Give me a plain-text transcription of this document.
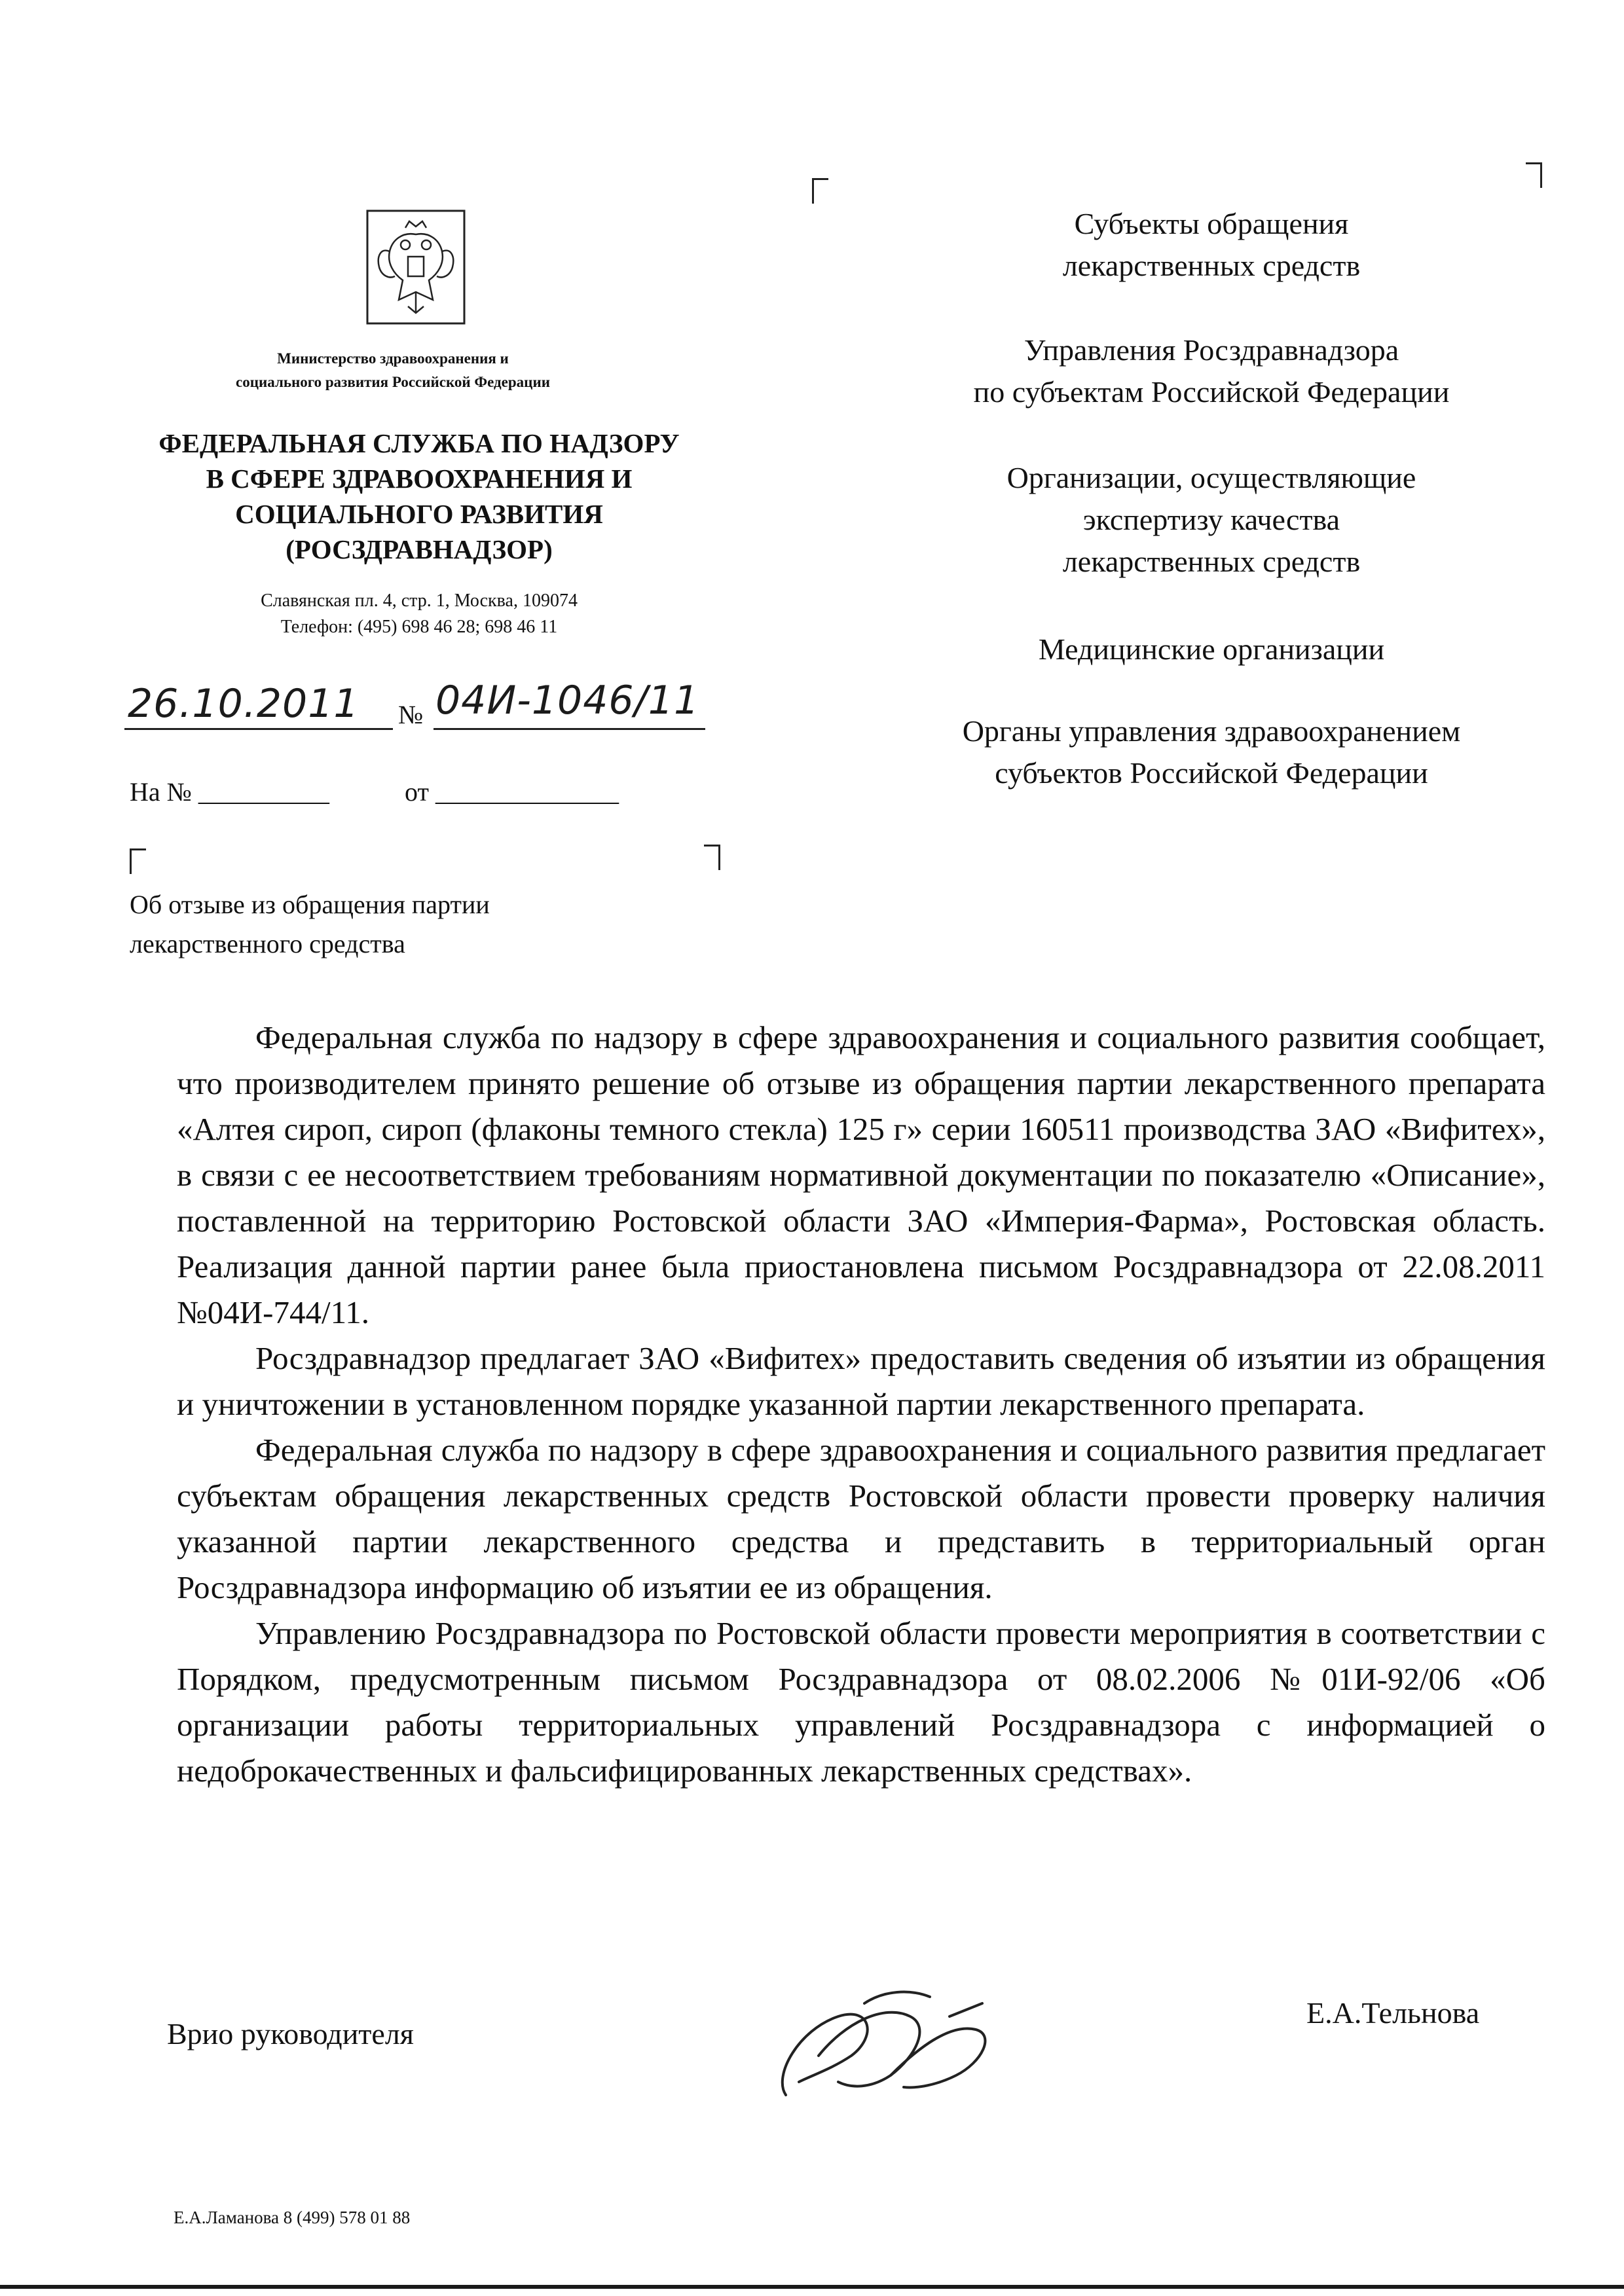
Министерство здравоохранения и
социального развития Российской Федерации
ФЕДЕРАЛЬНАЯ СЛУЖБА ПО НАДЗОРУ
В СФЕРЕ ЗДРАВООХРАНЕНИЯ И
СОЦИАЛЬНОГО РАЗВИТИЯ
(РОСЗДРАВНАДЗОР)
Славянская пл. 4, стр. 1, Москва, 109074
Телефон: (495) 698 46 28; 698 46 11
26.10.2011 № 04И-1046/11
На № __________	от ______________
Об отзыве из обращения партии
лекарственного средства
Субъекты обращения
лекарственных средств
Управления Росздравнадзора
по субъектам Российской Федерации
Организации, осуществляющие
экспертизу качества
лекарственных средств
Медицинские организации
Органы управления здравоохранением
субъектов Российской Федерации

Федеральная служба по надзору в сфере здравоохранения и социального развития сообщает, что производителем принято решение об отзыве из обращения партии лекарственного препарата «Алтея сироп, сироп (флаконы темного стекла) 125 г» серии 160511 производства ЗАО «Вифитех», в связи с ее несоответствием требованиям нормативной документации по показателю «Описание», поставленной на территорию Ростовской области ЗАО «Империя-Фарма», Ростовская область. Реализация данной партии ранее была приостановлена письмом Росздравнадзора от 22.08.2011 №04И-744/11.

Росздравнадзор предлагает ЗАО «Вифитех» предоставить сведения об изъятии из обращения и уничтожении в установленном порядке указанной партии лекарственного препарата.

Федеральная служба по надзору в сфере здравоохранения и социального развития предлагает субъектам обращения лекарственных средств Ростовской области провести проверку наличия указанной партии лекарственного средства и представить в территориальный орган Росздравнадзора информацию об изъятии ее из обращения.

Управлению Росздравнадзора по Ростовской области провести мероприятия в соответствии с Порядком, предусмотренным письмом Росздравнадзора от 08.02.2006 №01И-92/06 «Об организации работы территориальных управлений Росздравнадзора с информацией о недоброкачественных и фальсифицированных лекарственных средствах».

Врио руководителя
Е.А.Тельнова
Е.А.Ламанова 8 (499) 578 01 88
